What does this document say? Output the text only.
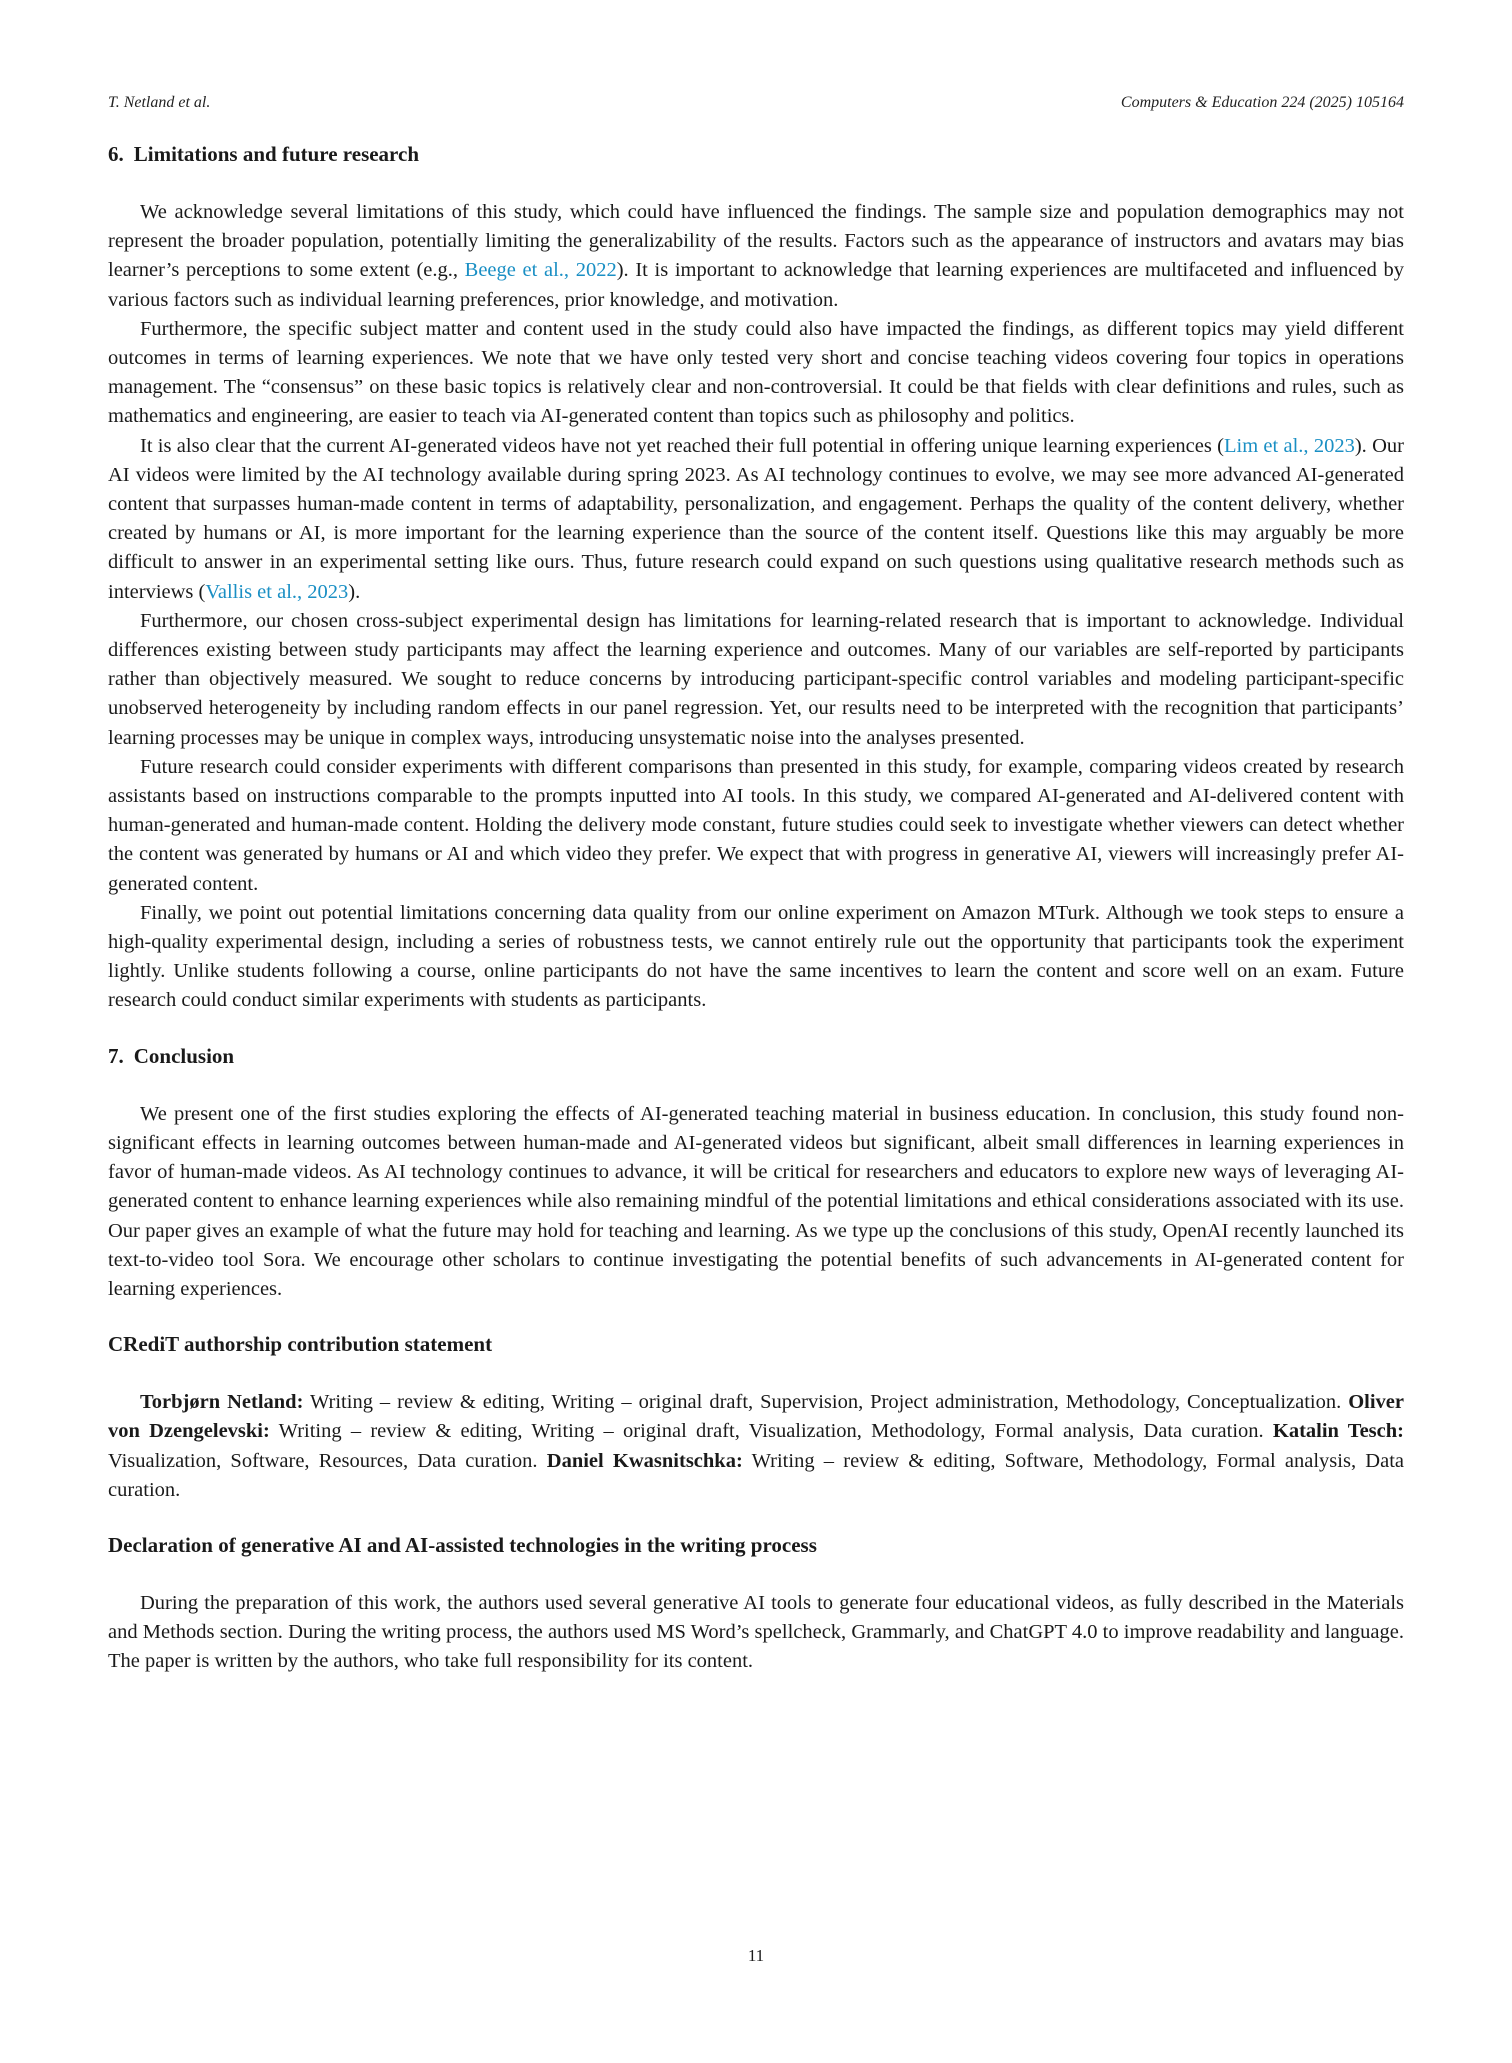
T. Netland et al.	Computers & Education 224 (2025) 105164
6. Limitations and future research

We acknowledge several limitations of this study, which could have influenced the findings. The sample size and population demographics may not represent the broader population, potentially limiting the generalizability of the results. Factors such as the appearance of instructors and avatars may bias learner’s perceptions to some extent (e.g., Beege et al., 2022). It is important to acknowledge that learning experiences are multifaceted and influenced by various factors such as individual learning preferences, prior knowledge, and motivation.

Furthermore, the specific subject matter and content used in the study could also have impacted the findings, as different topics may yield different outcomes in terms of learning experiences. We note that we have only tested very short and concise teaching videos covering four topics in operations management. The “consensus” on these basic topics is relatively clear and non-controversial. It could be that fields with clear definitions and rules, such as mathematics and engineering, are easier to teach via AI-generated content than topics such as philosophy and politics.

It is also clear that the current AI-generated videos have not yet reached their full potential in offering unique learning experiences (Lim et al., 2023). Our AI videos were limited by the AI technology available during spring 2023. As AI technology continues to evolve, we may see more advanced AI-generated content that surpasses human-made content in terms of adaptability, personalization, and engagement. Perhaps the quality of the content delivery, whether created by humans or AI, is more important for the learning experience than the source of the content itself. Questions like this may arguably be more difficult to answer in an experimental setting like ours. Thus, future research could expand on such questions using qualitative research methods such as interviews (Vallis et al., 2023).

Furthermore, our chosen cross-subject experimental design has limitations for learning-related research that is important to acknowledge. Individual differences existing between study participants may affect the learning experience and outcomes. Many of our variables are self-reported by participants rather than objectively measured. We sought to reduce concerns by introducing participant-specific control variables and modeling participant-specific unobserved heterogeneity by including random effects in our panel regression. Yet, our results need to be interpreted with the recognition that participants’ learning processes may be unique in complex ways, introducing unsystematic noise into the analyses presented.

Future research could consider experiments with different comparisons than presented in this study, for example, comparing videos created by research assistants based on instructions comparable to the prompts inputted into AI tools. In this study, we compared AI-generated and AI-delivered content with human-generated and human-made content. Holding the delivery mode constant, future studies could seek to investigate whether viewers can detect whether the content was generated by humans or AI and which video they prefer. We expect that with progress in generative AI, viewers will increasingly prefer AI-generated content.

Finally, we point out potential limitations concerning data quality from our online experiment on Amazon MTurk. Although we took steps to ensure a high-quality experimental design, including a series of robustness tests, we cannot entirely rule out the opportunity that participants took the experiment lightly. Unlike students following a course, online participants do not have the same incentives to learn the content and score well on an exam. Future research could conduct similar experiments with students as participants.

7. Conclusion

We present one of the first studies exploring the effects of AI-generated teaching material in business education. In conclusion, this study found non-significant effects in learning outcomes between human-made and AI-generated videos but significant, albeit small differences in learning experiences in favor of human-made videos. As AI technology continues to advance, it will be critical for researchers and educators to explore new ways of leveraging AI-generated content to enhance learning experiences while also remaining mindful of the potential limitations and ethical considerations associated with its use. Our paper gives an example of what the future may hold for teaching and learning. As we type up the conclusions of this study, OpenAI recently launched its text-to-video tool Sora. We encourage other scholars to continue investigating the potential benefits of such advancements in AI-generated content for learning experiences.

CRediT authorship contribution statement

Torbjørn Netland: Writing – review & editing, Writing – original draft, Supervision, Project administration, Methodology, Conceptualization. Oliver von Dzengelevski: Writing – review & editing, Writing – original draft, Visualization, Methodology, Formal analysis, Data curation. Katalin Tesch: Visualization, Software, Resources, Data curation. Daniel Kwasnitschka: Writing – review & editing, Software, Methodology, Formal analysis, Data curation.

Declaration of generative AI and AI-assisted technologies in the writing process

During the preparation of this work, the authors used several generative AI tools to generate four educational videos, as fully described in the Materials and Methods section. During the writing process, the authors used MS Word’s spellcheck, Grammarly, and ChatGPT 4.0 to improve readability and language. The paper is written by the authors, who take full responsibility for its content.

11
